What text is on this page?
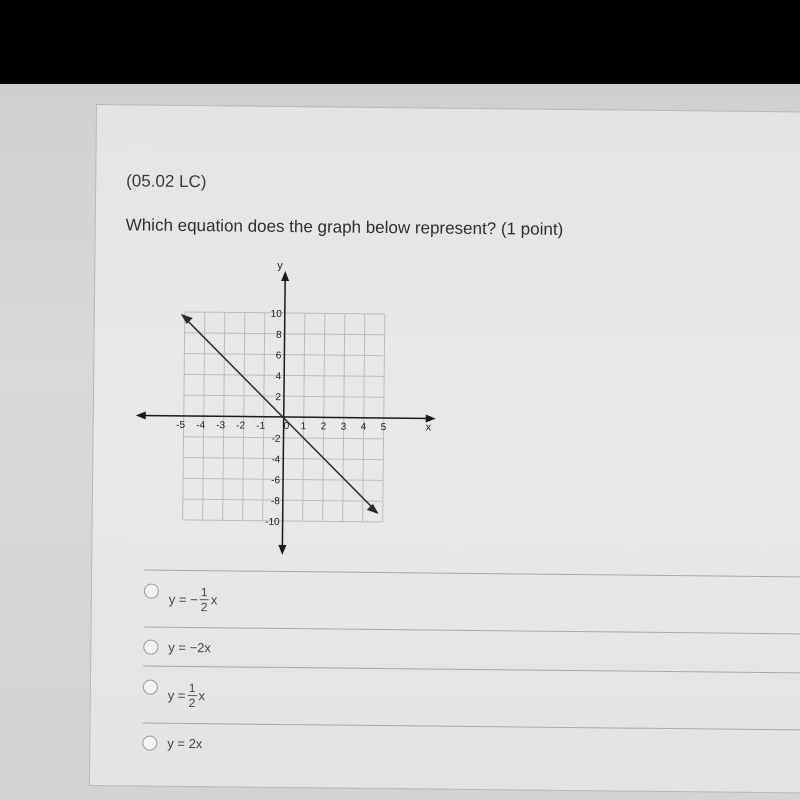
(05.02 LC)
Which equation does the graph below represent? (1 point)
x
y
-5 -4 -3 -2 -1 0 1 2 3 4 5
10
8
6
4
2
-2
-4
-6
-8
-10
y = − $\frac{1}{2}$ x
y = −2x
$y = \frac{1}{2}$ x
y = 2x
